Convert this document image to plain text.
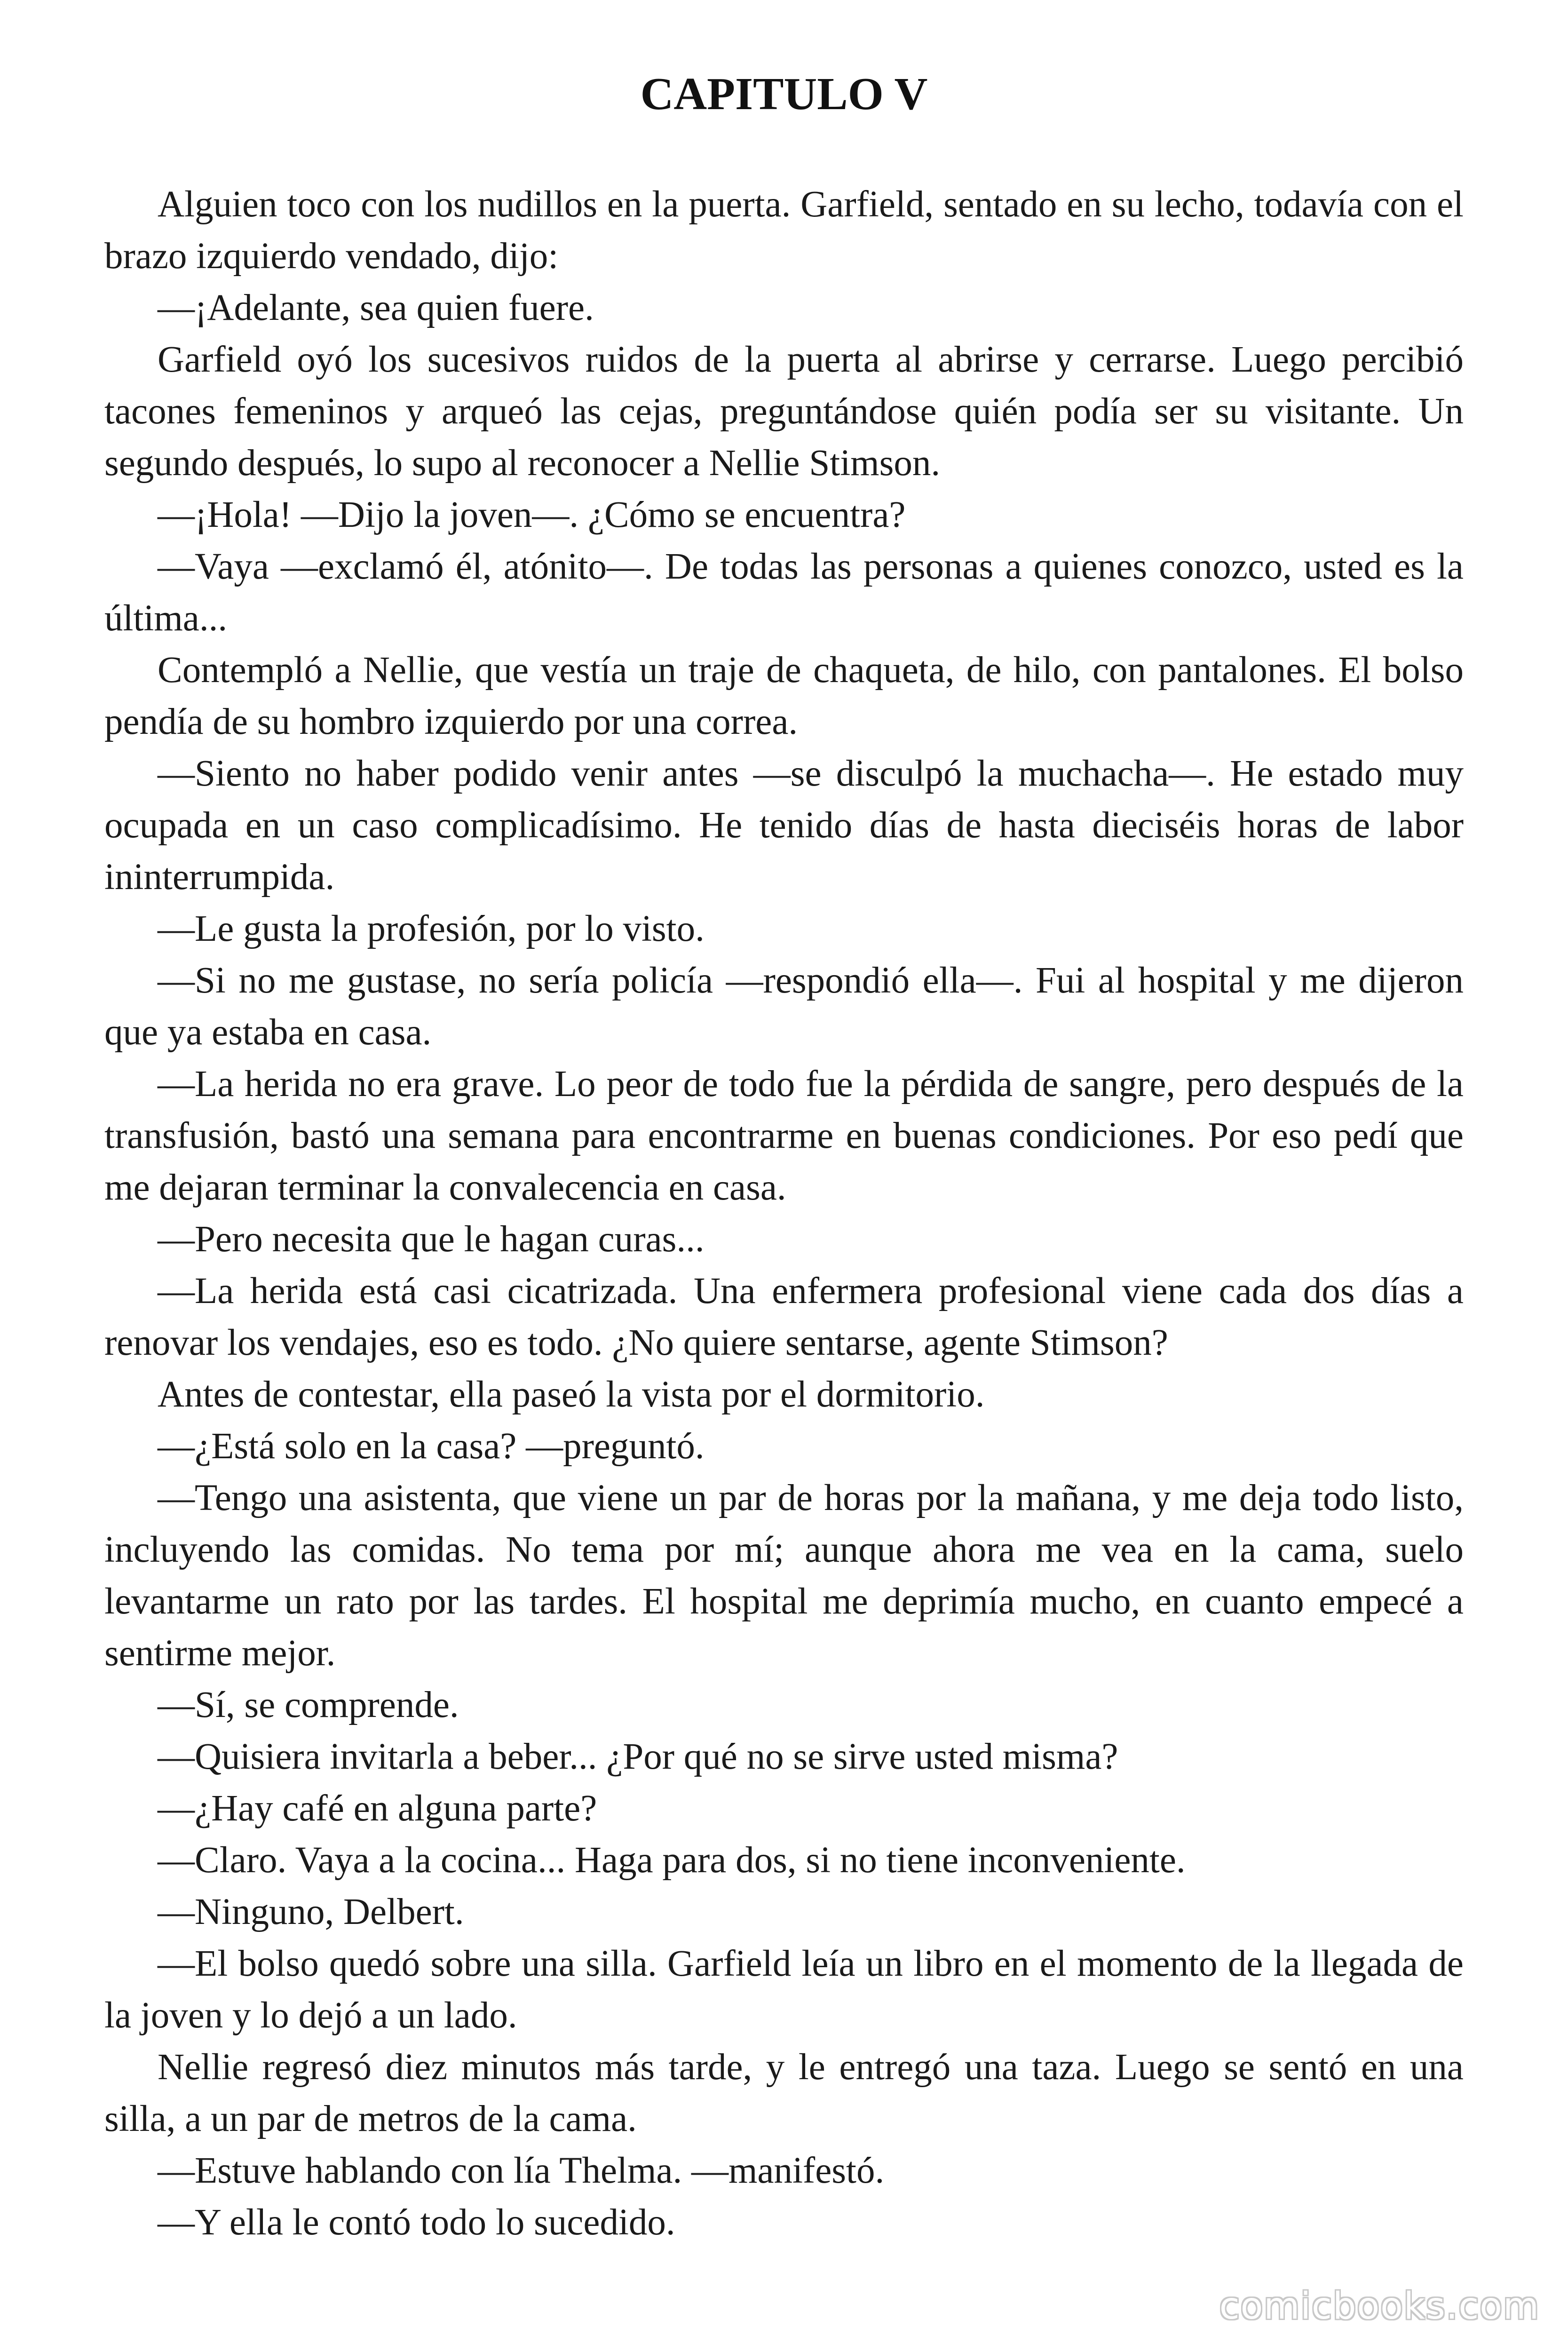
CAPITULO V

Alguien toco con los nudillos en la puerta. Garfield, sentado en su lecho, todavía con el brazo izquierdo vendado, dijo:

—¡Adelante, sea quien fuere.

Garfield oyó los sucesivos ruidos de la puerta al abrirse y cerrarse. Luego percibió tacones femeninos y arqueó las cejas, preguntándose quién podía ser su visitante. Un segundo después, lo supo al reconocer a Nellie Stimson.

—¡Hola! —Dijo la joven—. ¿Cómo se encuentra?

—Vaya —exclamó él, atónito—. De todas las personas a quienes conozco, usted es la última...

Contempló a Nellie, que vestía un traje de chaqueta, de hilo, con pantalones. El bolso pendía de su hombro izquierdo por una correa.

—Siento no haber podido venir antes —se disculpó la muchacha—. He estado muy ocupada en un caso complicadísimo. He tenido días de hasta dieciséis horas de labor ininterrumpida.

—Le gusta la profesión, por lo visto.

—Si no me gustase, no sería policía —respondió ella—. Fui al hospital y me dijeron que ya estaba en casa.

—La herida no era grave. Lo peor de todo fue la pérdida de sangre, pero después de la transfusión, bastó una semana para encontrarme en buenas condiciones. Por eso pedí que me dejaran terminar la convalecencia en casa.

—Pero necesita que le hagan curas...

—La herida está casi cicatrizada. Una enfermera profesional viene cada dos días a renovar los vendajes, eso es todo. ¿No quiere sentarse, agente Stimson?

Antes de contestar, ella paseó la vista por el dormitorio.

—¿Está solo en la casa? —preguntó.

—Tengo una asistenta, que viene un par de horas por la mañana, y me deja todo listo, incluyendo las comidas. No tema por mí; aunque ahora me vea en la cama, suelo levantarme un rato por las tardes. El hospital me deprimía mucho, en cuanto empecé a sentirme mejor.

—Sí, se comprende.

—Quisiera invitarla a beber... ¿Por qué no se sirve usted misma?

—¿Hay café en alguna parte?

—Claro. Vaya a la cocina... Haga para dos, si no tiene inconveniente.

—Ninguno, Delbert.

—El bolso quedó sobre una silla. Garfield leía un libro en el momento de la llegada de la joven y lo dejó a un lado.

Nellie regresó diez minutos más tarde, y le entregó una taza. Luego se sentó en una silla, a un par de metros de la cama.

—Estuve hablando con lía Thelma. —manifestó.

—Y ella le contó todo lo sucedido.

comicbooks.com
